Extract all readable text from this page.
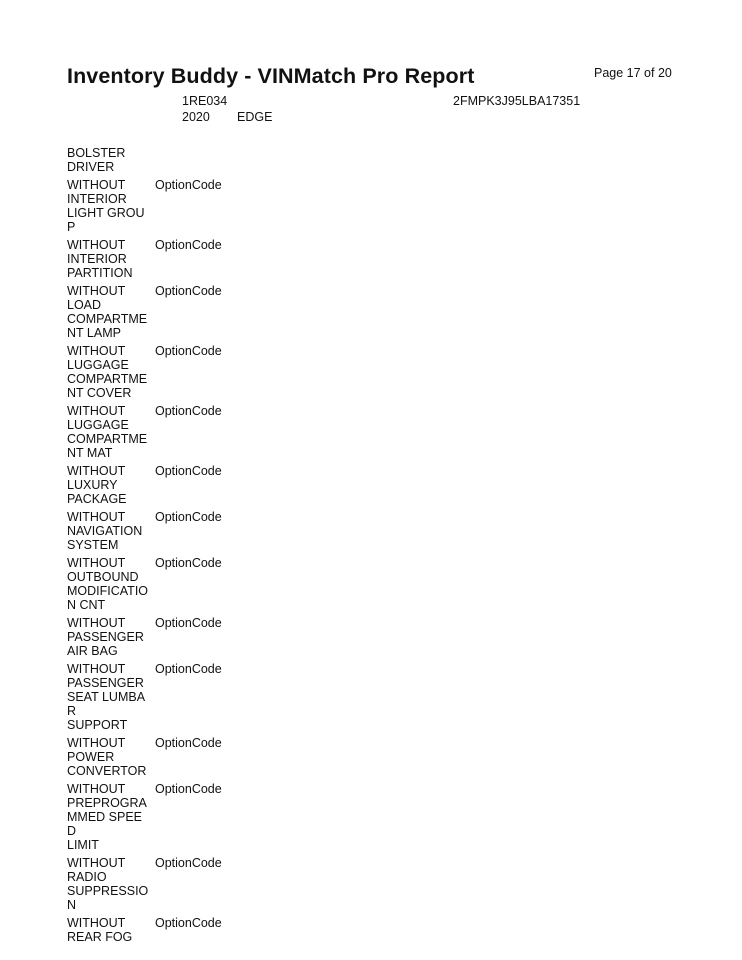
Page 17 of 20
Inventory Buddy - VINMatch Pro Report
1RE034	2FMPK3J95LBA17351
2020 EDGE
BOLSTER
DRIVER
WITHOUT
INTERIOR
LIGHT GROUP
OptionCode
WITHOUT
INTERIOR
PARTITION
OptionCode
WITHOUT
LOAD
COMPARTME
NT LAMP
OptionCode
WITHOUT
LUGGAGE
COMPARTME
NT COVER
OptionCode
WITHOUT
LUGGAGE
COMPARTME
NT MAT
OptionCode
WITHOUT
LUXURY
PACKAGE
OptionCode
WITHOUT
NAVIGATION
SYSTEM
OptionCode
WITHOUT
OUTBOUND
MODIFICATIO
N CNT
OptionCode
WITHOUT
PASSENGER
AIR BAG
OptionCode
WITHOUT
PASSENGER
SEAT LUMBAR
SUPPORT
OptionCode
WITHOUT
POWER
CONVERTOR
OptionCode
WITHOUT
PREPROGRA
MMED SPEED
LIMIT
OptionCode
WITHOUT
RADIO
SUPPRESSIO
N
OptionCode
WITHOUT
REAR FOG
OptionCode
